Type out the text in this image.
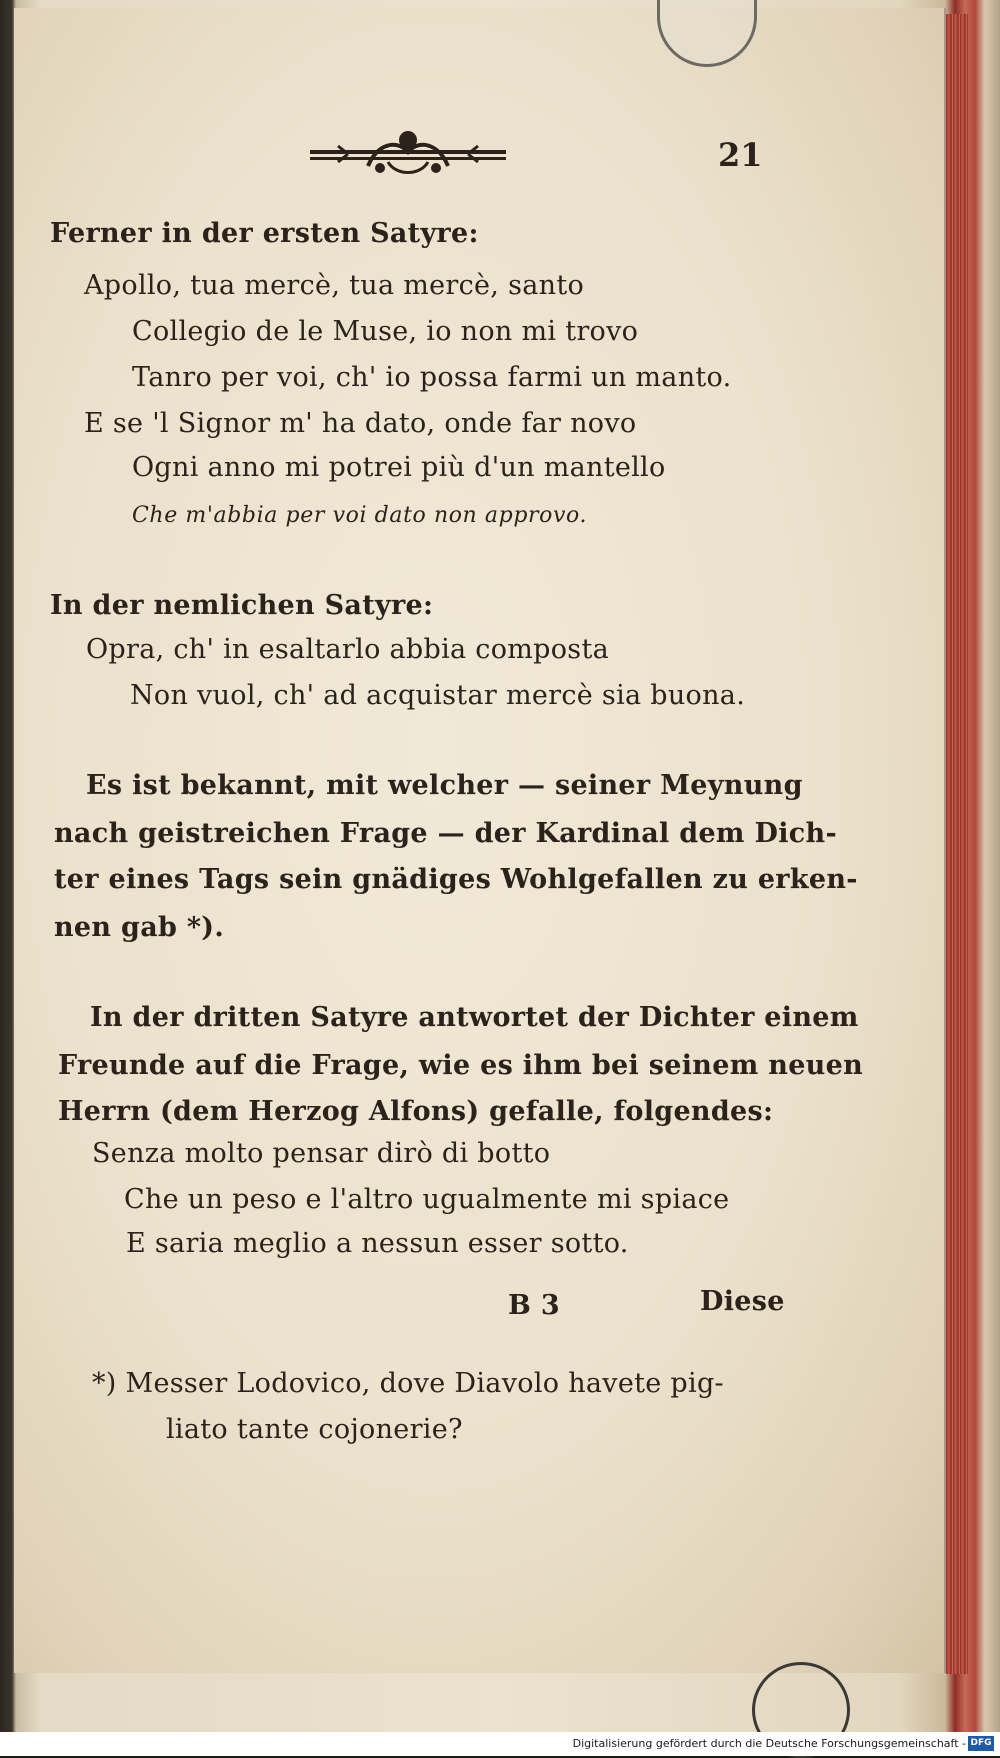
21
Ferner in der ersten Satyre:
Apollo, tua mercè, tua mercè, santo
Collegio de le Muse, io non mi trovo
Tanro per voi, ch' io possa farmi un manto.
E se 'l Signor m' ha dato, onde far novo
Ogni anno mi potrei più d'un mantello
Che m'abbia per voi dato non approvo.
In der nemlichen Satyre:
Opra, ch' in esaltarlo abbia composta
Non vuol, ch' ad acquistar mercè sia buona.
Es ist bekannt, mit welcher — seiner Meynung
nach geistreichen Frage — der Kardinal dem Dich-
ter eines Tags sein gnädiges Wohlgefallen zu erken-
nen gab *).
In der dritten Satyre antwortet der Dichter einem
Freunde auf die Frage, wie es ihm bei seinem neuen
Herrn (dem Herzog Alfons) gefalle, folgendes:
Senza molto pensar dirò di botto
Che un peso e l'altro ugualmente mi spiace
E saria meglio a nessun esser sotto.
B 3	Diese
*) Messer Lodovico, dove Diavolo havete pig-
liato tante cojonerie?
Digitalisierung gefördert durch die Deutsche Forschungsgemeinschaft - DFG
